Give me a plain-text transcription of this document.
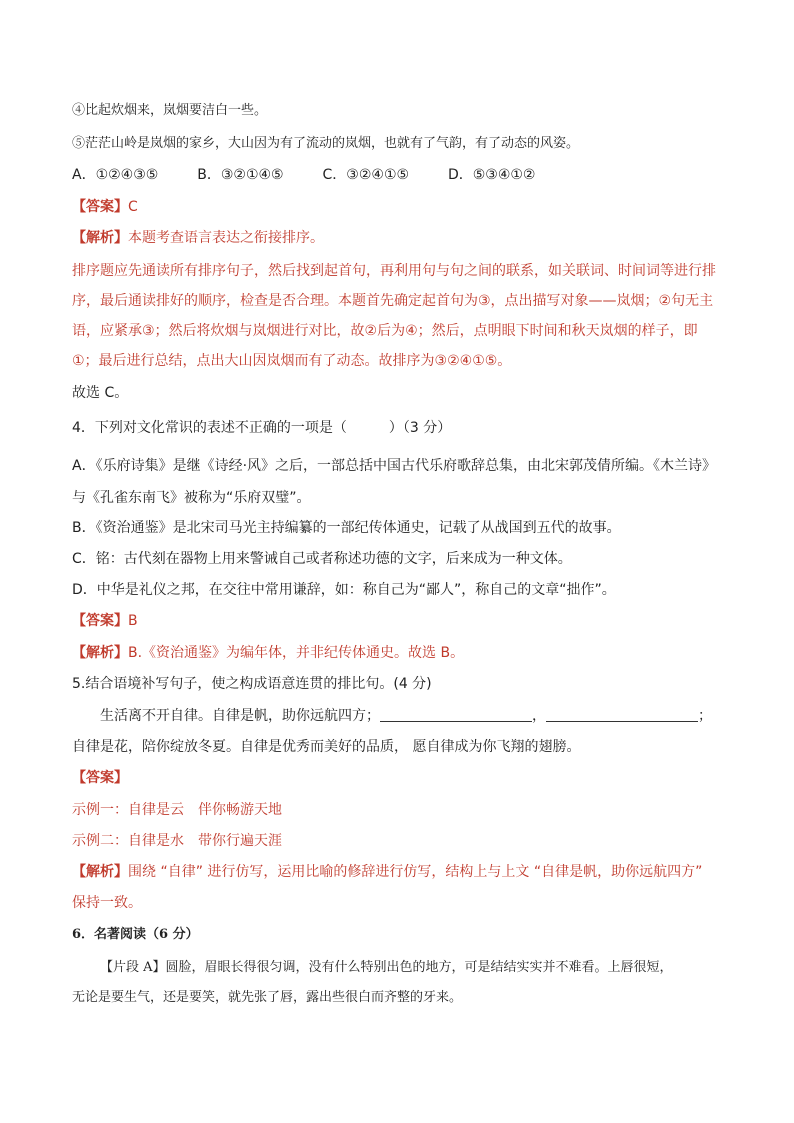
④比起炊烟来，岚烟要洁白一些。
⑤茫茫山岭是岚烟的家乡，大山因为有了流动的岚烟，也就有了气韵，有了动态的风姿。
A．①②④③⑤	B．③②①④⑤	C．③②④①⑤	D．⑤③④①②
【答案】C
【解析】本题考查语言表达之衔接排序。
排序题应先通读所有排序句子，然后找到起首句，再利用句与句之间的联系，如关联词、时间词等进行排
序，最后通读排好的顺序，检查是否合理。本题首先确定起首句为③，点出描写对象——岚烟；②句无主
语，应紧承③；然后将炊烟与岚烟进行对比，故②后为④；然后，点明眼下时间和秋天岚烟的样子，即
①；最后进行总结，点出大山因岚烟而有了动态。故排序为③②④①⑤。
故选 C。
4．下列对文化常识的表述不正确的一项是（　　　）（3 分）
A．《乐府诗集》是继《诗经·风》之后，一部总括中国古代乐府歌辞总集，由北宋郭茂倩所编。《木兰诗》
与《孔雀东南飞》被称为“乐府双璧”。
B．《资治通鉴》是北宋司马光主持编纂的一部纪传体通史，记载了从战国到五代的故事。
C．铭：古代刻在器物上用来警诫自己或者称述功德的文字，后来成为一种文体。
D．中华是礼仪之邦，在交往中常用谦辞，如：称自己为“鄙人”，称自己的文章“拙作”。
【答案】B
【解析】B.《资治通鉴》为编年体，并非纪传体通史。故选 B。
5.结合语境补写句子，使之构成语意连贯的排比句。(4 分)
生活离不开自律。自律是帆，助你远航四方；	，	；
自律是花，陪你绽放冬夏。自律是优秀而美好的品质， 愿自律成为你飞翔的翅膀。
【答案】
示例一：自律是云　伴你畅游天地
示例二：自律是水　带你行遍天涯
【解析】围绕 “自律” 进行仿写，运用比喻的修辞进行仿写，结构上与上文 “自律是帆，助你远航四方”
保持一致。
6．名著阅读（6 分）
【片段 A】圆脸，眉眼长得很匀调，没有什么特别出色的地方，可是结结实实并不难看。上唇很短，
无论是要生气，还是要笑，就先张了唇，露出些很白而齐整的牙来。
